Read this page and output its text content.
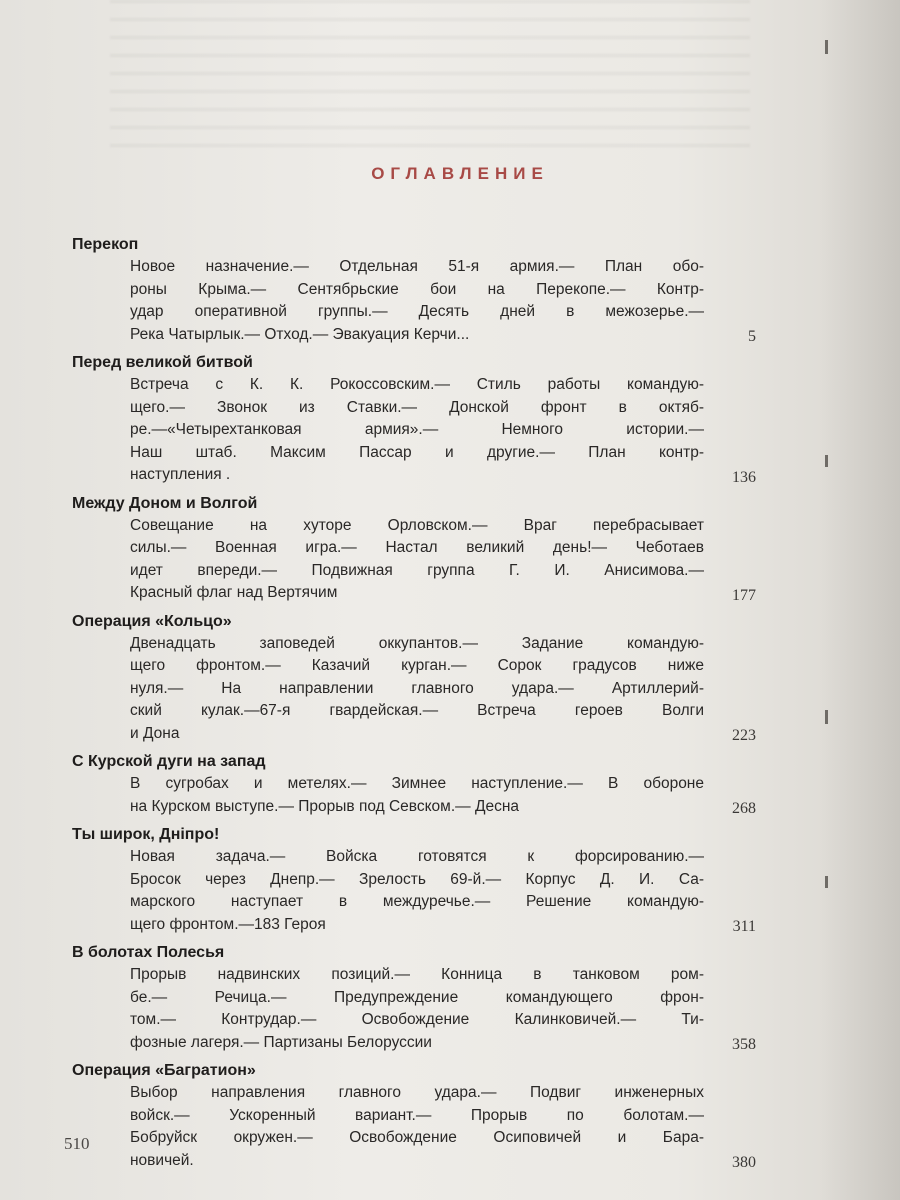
ОГЛАВЛЕНИЕ
Перекоп
Новое назначение.— Отдельная 51-я армия.— План обо-
роны Крыма.— Сентябрьские бои на Перекопе.— Контр-
удар оперативной группы.— Десять дней в межозерье.—
Река Чатырлык.— Отход.— Эвакуация Керчи...	5
Перед великой битвой
Встреча с К. К. Рокоссовским.— Стиль работы командую-
щего.— Звонок из Ставки.— Донской фронт в октяб-
ре.—«Четырехтанковая армия».— Немного истории.—
Наш штаб. Максим Пассар и другие.— План контр-
наступления .	136
Между Доном и Волгой
Совещание на хуторе Орловском.— Враг перебрасывает
силы.— Военная игра.— Настал великий день!— Чеботаев
идет впереди.— Подвижная группа Г. И. Анисимова.—
Красный флаг над Вертячим	177
Операция «Кольцо»
Двенадцать заповедей оккупантов.— Задание командую-
щего фронтом.— Казачий курган.— Сорок градусов ниже
нуля.— На направлении главного удара.— Артиллерий-
ский кулак.—67-я гвардейская.— Встреча героев Волги
и Дона	223
С Курской дуги на запад
В сугробах и метелях.— Зимнее наступление.— В обороне
на Курском выступе.— Прорыв под Севском.— Десна	268
Ты широк, Днiпро!
Новая задача.— Войска готовятся к форсированию.—
Бросок через Днепр.— Зрелость 69-й.— Корпус Д. И. Са-
марского наступает в междуречье.— Решение командую-
щего фронтом.—183 Героя	311
В болотах Полесья
Прорыв надвинских позиций.— Конница в танковом ром-
бе.— Речица.— Предупреждение командующего фрон-
том.— Контрудар.— Освобождение Калинковичей.— Ти-
фозные лагеря.— Партизаны Белоруссии	358
Операция «Багратион»
Выбор направления главного удара.— Подвиг инженерных
войск.— Ускоренный вариант.— Прорыв по болотам.—
Бобруйск окружен.— Освобождение Осиповичей и Бара-
новичей.	380
510
